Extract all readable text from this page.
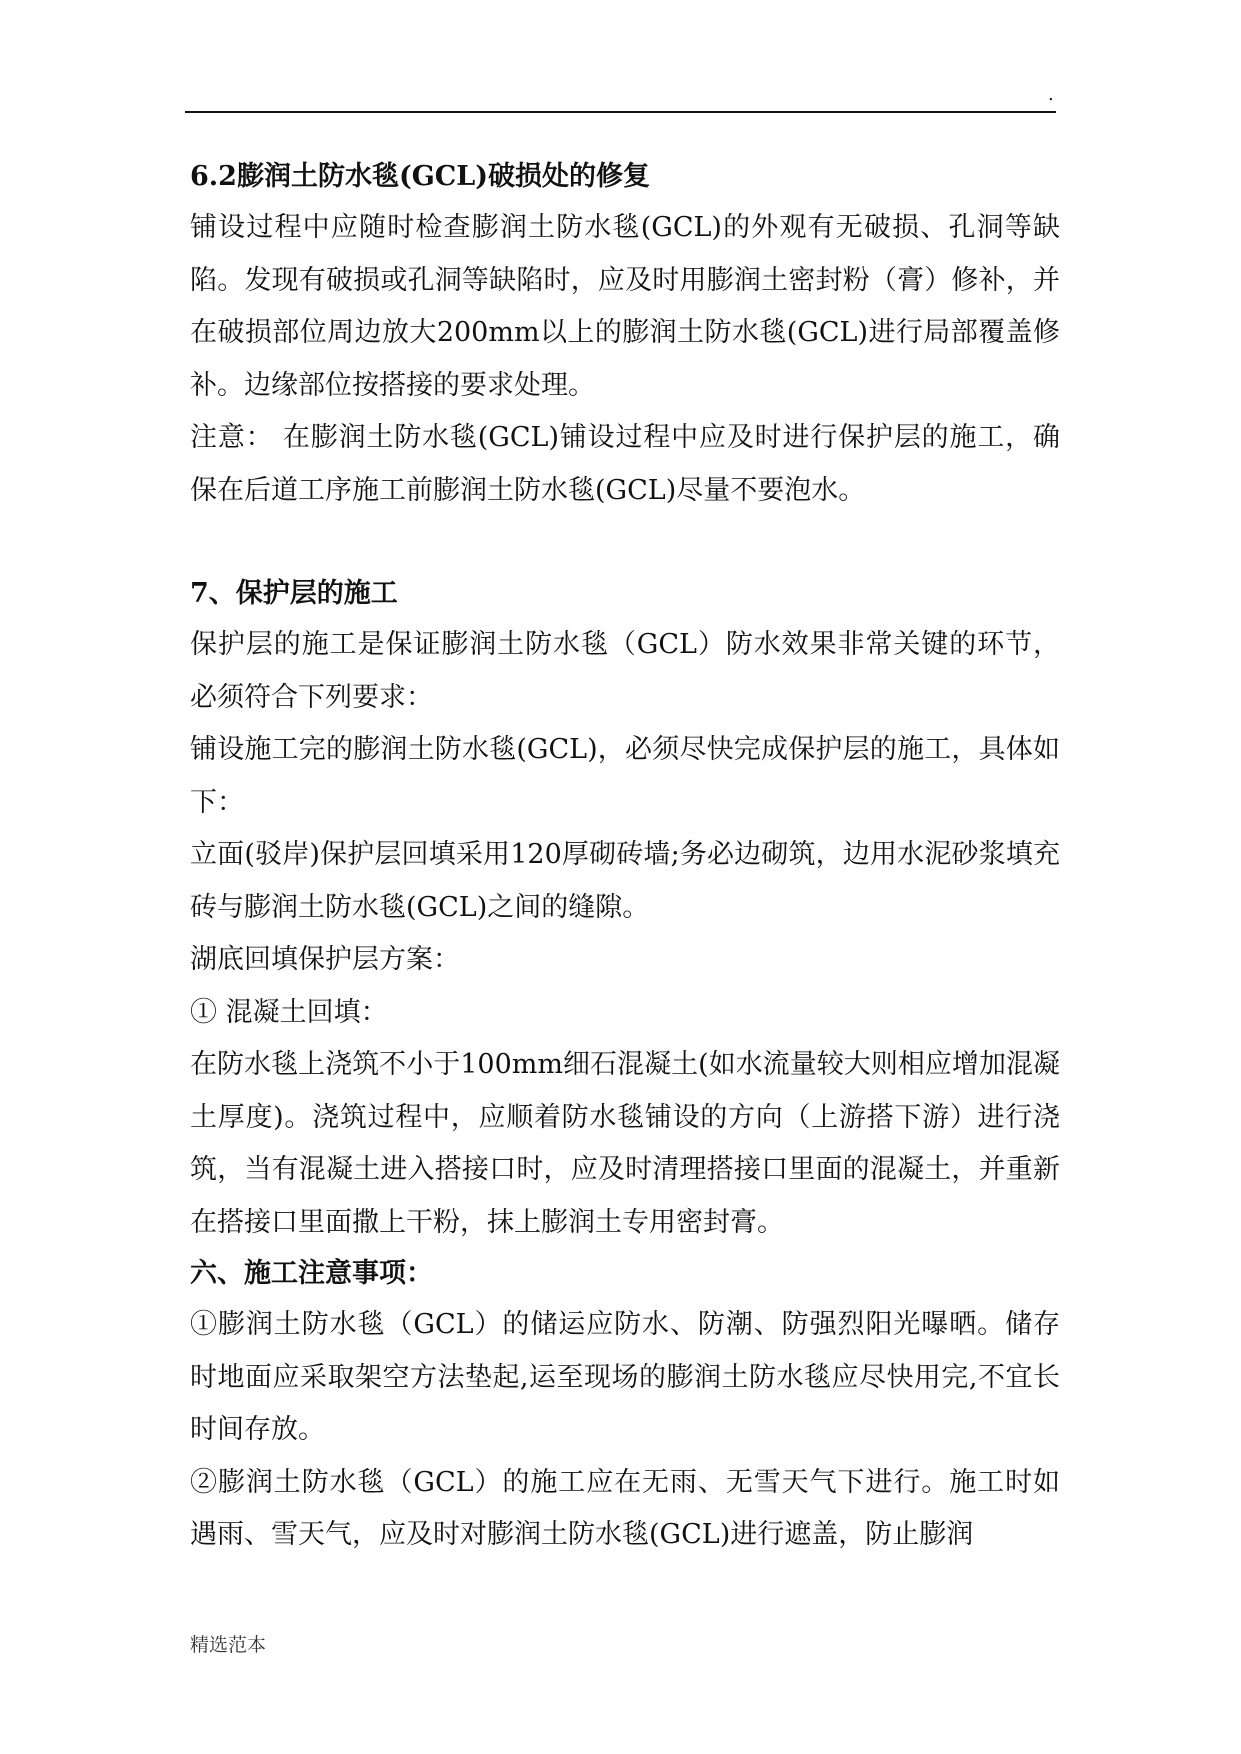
.
6.2膨润土防水毯(GCL)破损处的修复
铺设过程中应随时检查膨润土防水毯(GCL)的外观有无破损、孔洞等缺陷。发现有破损或孔洞等缺陷时，应及时用膨润土密封粉（膏）修补，并在破损部位周边放大200mm以上的膨润土防水毯(GCL)进行局部覆盖修补。边缘部位按搭接的要求处理。
注意： 在膨润土防水毯(GCL)铺设过程中应及时进行保护层的施工，确保在后道工序施工前膨润土防水毯(GCL)尽量不要泡水。
7、保护层的施工
保护层的施工是保证膨润土防水毯（GCL）防水效果非常关键的环节，必须符合下列要求：
铺设施工完的膨润土防水毯(GCL)，必须尽快完成保护层的施工，具体如下：
立面(驳岸)保护层回填采用120厚砌砖墙;务必边砌筑，边用水泥砂浆填充砖与膨润土防水毯(GCL)之间的缝隙。
湖底回填保护层方案：
① 混凝土回填：
在防水毯上浇筑不小于100mm细石混凝土(如水流量较大则相应增加混凝土厚度)。浇筑过程中，应顺着防水毯铺设的方向（上游搭下游）进行浇筑，当有混凝土进入搭接口时，应及时清理搭接口里面的混凝土，并重新在搭接口里面撒上干粉，抹上膨润土专用密封膏。
六、施工注意事项：
①膨润土防水毯（GCL）的储运应防水、防潮、防强烈阳光曝晒。储存时地面应采取架空方法垫起,运至现场的膨润土防水毯应尽快用完,不宜长时间存放。
②膨润土防水毯（GCL）的施工应在无雨、无雪天气下进行。施工时如遇雨、雪天气，应及时对膨润土防水毯(GCL)进行遮盖，防止膨润
精选范本
